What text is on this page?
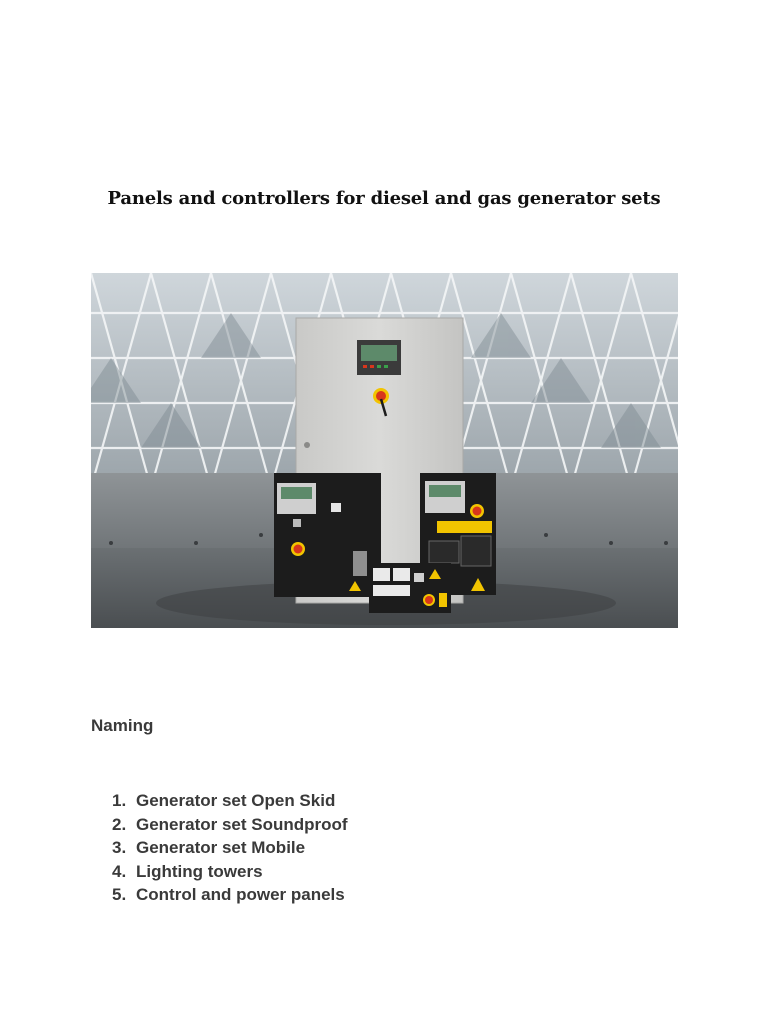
Panels and controllers for diesel and gas generator sets
Naming
1. Generator set Open Skid
2. Generator set Soundproof
3. Generator set Mobile
4. Lighting towers
5. Control and power panels
